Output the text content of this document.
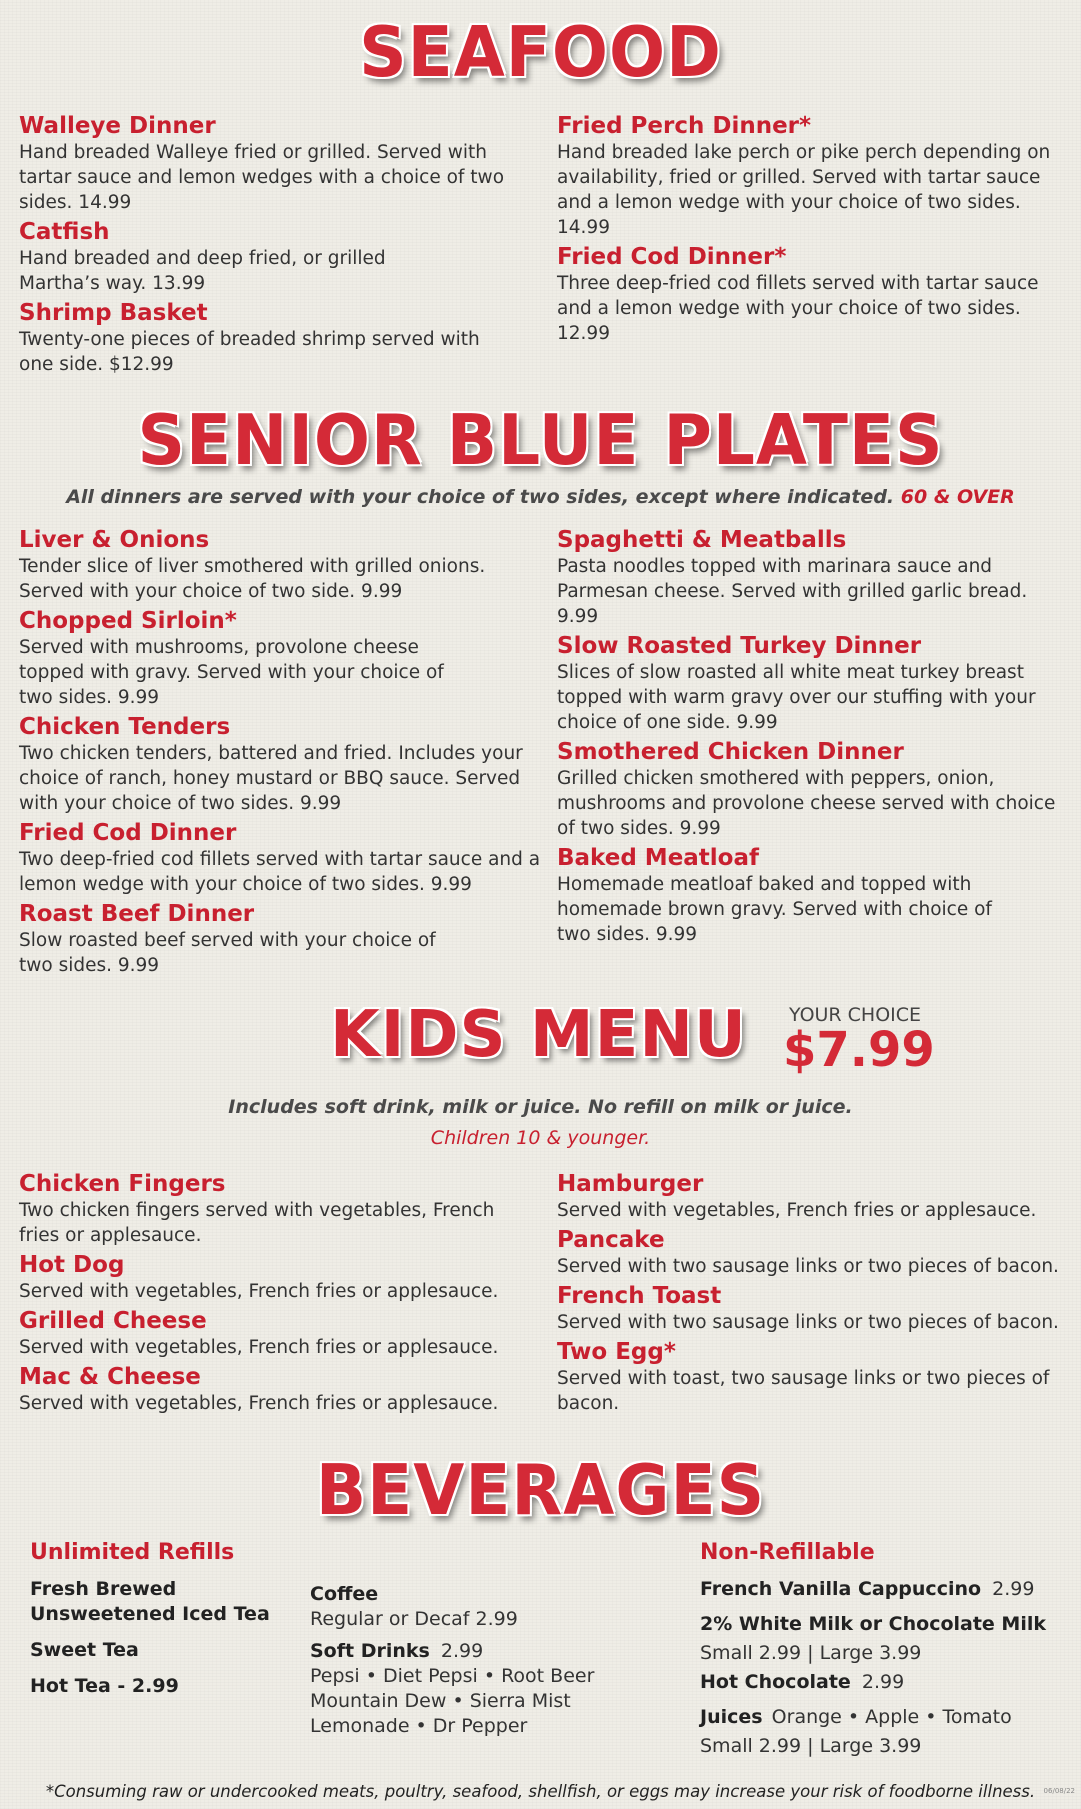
SEAFOOD
Walleye Dinner
Hand breaded Walleye fried or grilled. Served with tartar sauce and lemon wedges with a choice of two sides. 14.99
Catfish
Hand breaded and deep fried, or grilled Martha’s way. 13.99
Shrimp Basket
Twenty-one pieces of breaded shrimp served with one side. $12.99
Fried Perch Dinner*
Hand breaded lake perch or pike perch depending on availability, fried or grilled. Served with tartar sauce and a lemon wedge with your choice of two sides. 14.99
Fried Cod Dinner*
Three deep-fried cod fillets served with tartar sauce and a lemon wedge with your choice of two sides. 12.99
SENIOR BLUE PLATES
All dinners are served with your choice of two sides, except where indicated. 60 & OVER
Liver & Onions
Tender slice of liver smothered with grilled onions. Served with your choice of two side. 9.99
Chopped Sirloin*
Served with mushrooms, provolone cheese topped with gravy. Served with your choice of two sides. 9.99
Chicken Tenders
Two chicken tenders, battered and fried. Includes your choice of ranch, honey mustard or BBQ sauce. Served with your choice of two sides. 9.99
Fried Cod Dinner
Two deep-fried cod fillets served with tartar sauce and a lemon wedge with your choice of two sides. 9.99
Roast Beef Dinner
Slow roasted beef served with your choice of two sides. 9.99
Spaghetti & Meatballs
Pasta noodles topped with marinara sauce and Parmesan cheese. Served with grilled garlic bread. 9.99
Slow Roasted Turkey Dinner
Slices of slow roasted all white meat turkey breast topped with warm gravy over our stuffing with your choice of one side. 9.99
Smothered Chicken Dinner
Grilled chicken smothered with peppers, onion, mushrooms and provolone cheese served with choice of two sides. 9.99
Baked Meatloaf
Homemade meatloaf baked and topped with homemade brown gravy. Served with choice of two sides. 9.99
KIDS MENU YOUR CHOICE
$7.99
Includes soft drink, milk or juice. No refill on milk or juice.
Children 10 & younger.
Chicken Fingers
Two chicken fingers served with vegetables, French fries or applesauce.
Hot Dog
Served with vegetables, French fries or applesauce.
Grilled Cheese
Served with vegetables, French fries or applesauce.
Mac & Cheese
Served with vegetables, French fries or applesauce.
Hamburger
Served with vegetables, French fries or applesauce.
Pancake
Served with two sausage links or two pieces of bacon.
French Toast
Served with two sausage links or two pieces of bacon.
Two Egg*
Served with toast, two sausage links or two pieces of bacon.
BEVERAGES
Unlimited Refills
Fresh Brewed
Unsweetened Iced Tea
Sweet Tea
Hot Tea - 2.99
Coffee
Regular or Decaf 2.99
Soft Drinks 2.99
Pepsi • Diet Pepsi • Root Beer
Mountain Dew • Sierra Mist
Lemonade • Dr Pepper
Non-Refillable
French Vanilla Cappuccino 2.99
2% White Milk or Chocolate Milk
Small 2.99 | Large 3.99
Hot Chocolate 2.99
Juices Orange • Apple • Tomato
Small 2.99 | Large 3.99
*Consuming raw or undercooked meats, poultry, seafood, shellfish, or eggs may increase your risk of foodborne illness.	06/08/22
